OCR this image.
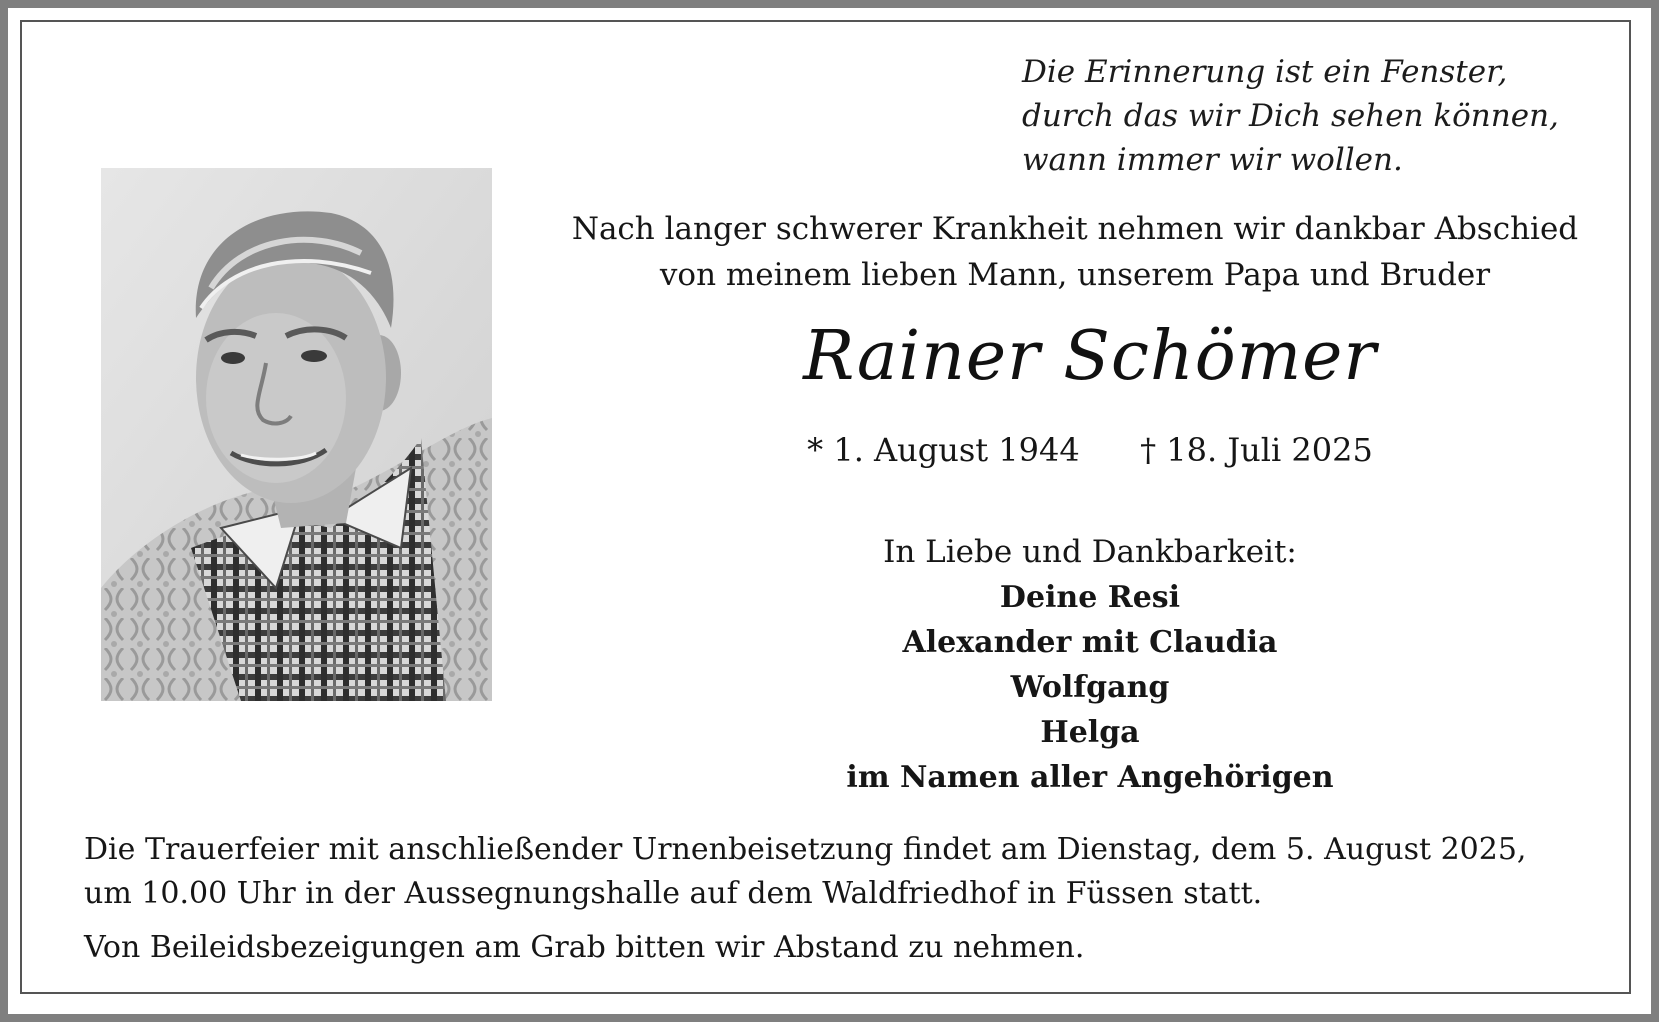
Die Erinnerung ist ein Fenster,
durch das wir Dich sehen können,
wann immer wir wollen.
Nach langer schwerer Krankheit nehmen wir dankbar Abschied
von meinem lieben Mann, unserem Papa und Bruder
Rainer Schömer
* 1. August 1944 † 18. Juli 2025
In Liebe und Dankbarkeit:
Deine Resi
Alexander mit Claudia
Wolfgang
Helga
im Namen aller Angehörigen
Die Trauerfeier mit anschließender Urnenbeisetzung findet am Dienstag, dem 5. August 2025,
um 10.00 Uhr in der Aussegnungshalle auf dem Waldfriedhof in Füssen statt.
Von Beileidsbezeigungen am Grab bitten wir Abstand zu nehmen.
